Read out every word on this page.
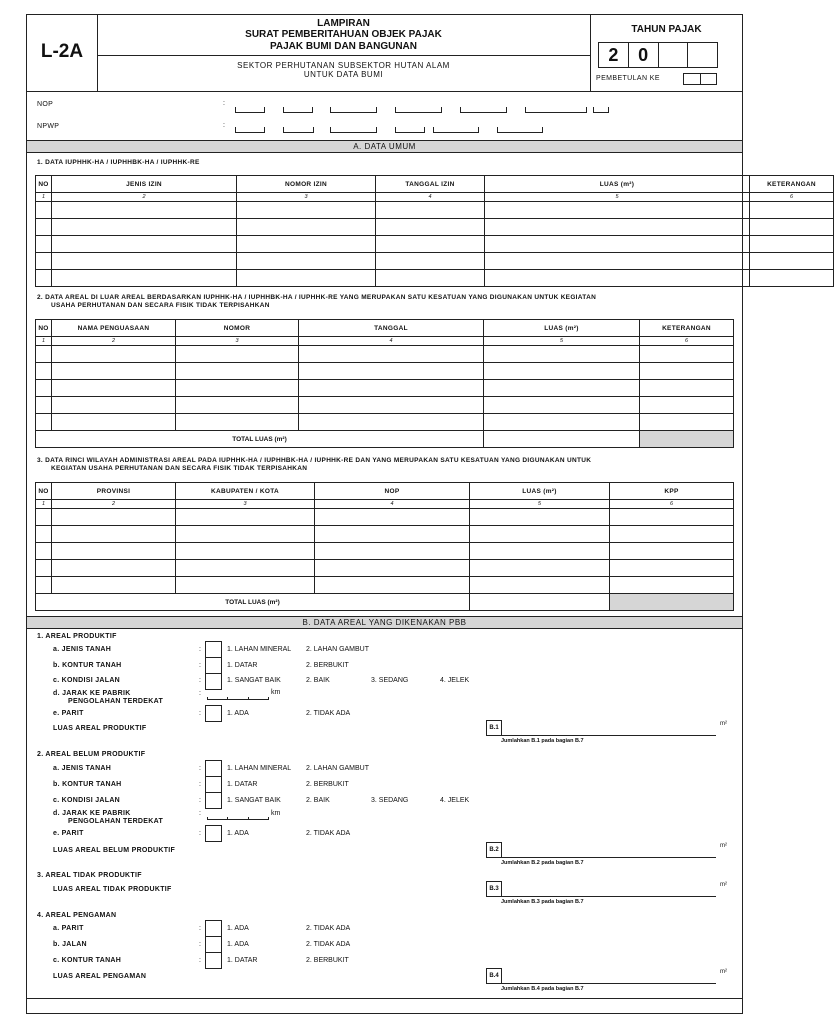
L-2A
LAMPIRAN
SURAT PEMBERITAHUAN OBJEK PAJAK
PAJAK BUMI DAN BANGUNAN
SEKTOR PERHUTANAN SUBSEKTOR HUTAN ALAM
UNTUK DATA BUMI
TAHUN PAJAK
2	0
PEMBETULAN KE
NOP	:
NPWP	:
A. DATA UMUM
1. DATA IUPHHK-HA / IUPHHBK-HA / IUPHHK-RE
NO	JENIS IZIN	NOMOR IZIN	TANGGAL IZIN	LUAS (m²)	KETERANGAN
1	2	3	4	5	6

2. DATA AREAL DI LUAR AREAL BERDASARKAN IUPHHK-HA / IUPHHBK-HA / IUPHHK-RE YANG MERUPAKAN SATU KESATUAN YANG DIGUNAKAN UNTUK KEGIATAN
USAHA PERHUTANAN DAN SECARA FISIK TIDAK TERPISAHKAN
NO	NAMA PENGUASAAN	NOMOR	TANGGAL	LUAS (m²)	KETERANGAN
1	2	3	4	5	6

TOTAL LUAS (m²)					
3. DATA RINCI WILAYAH ADMINISTRASI AREAL PADA IUPHHK-HA / IUPHHBK-HA / IUPHHK-RE DAN YANG MERUPAKAN SATU KESATUAN YANG DIGUNAKAN UNTUK
KEGIATAN USAHA PERHUTANAN DAN SECARA FISIK TIDAK TERPISAHKAN
NO	PROVINSI	KABUPATEN / KOTA	NOP	LUAS (m²)	KPP
1	2	3	4	5	6

TOTAL LUAS (m²)					
B. DATA AREAL YANG DIKENAKAN PBB
1. AREAL PRODUKTIF
a. JENIS TANAH	:	1. LAHAN MINERAL 2. LAHAN GAMBUT
b. KONTUR TANAH	:	1. DATAR	2. BERBUKIT
c. KONDISI JALAN	:	1. SANGAT BAIK	2. BAIK	3. SEDANG	4. JELEK
d. JARAK KE PABRIK
PENGOLAHAN TERDEKAT
:	km
e. PARIT	:	1. ADA	2. TIDAK ADA
LUAS AREAL PRODUKTIF	B.1
m²
Jumlahkan B.1 pada bagian B.7
2. AREAL BELUM PRODUKTIF
a. JENIS TANAH	:	1. LAHAN MINERAL 2. LAHAN GAMBUT
b. KONTUR TANAH	:	1. DATAR	2. BERBUKIT
c. KONDISI JALAN	:	1. SANGAT BAIK	2. BAIK	3. SEDANG	4. JELEK
d. JARAK KE PABRIK
PENGOLAHAN TERDEKAT
:	km
e. PARIT	:	1. ADA	2. TIDAK ADA
LUAS AREAL BELUM PRODUKTIF	B.2
m²
Jumlahkan B.2 pada bagian B.7
3. AREAL TIDAK PRODUKTIF
LUAS AREAL TIDAK PRODUKTIF	B.3
m²
Jumlahkan B.3 pada bagian B.7
4. AREAL PENGAMAN
a. PARIT	:	1. ADA	2. TIDAK ADA
b. JALAN	:	1. ADA	2. TIDAK ADA
c. KONTUR TANAH	:	1. DATAR	2. BERBUKIT
LUAS AREAL PENGAMAN	B.4
m²
Jumlahkan B.4 pada bagian B.7
